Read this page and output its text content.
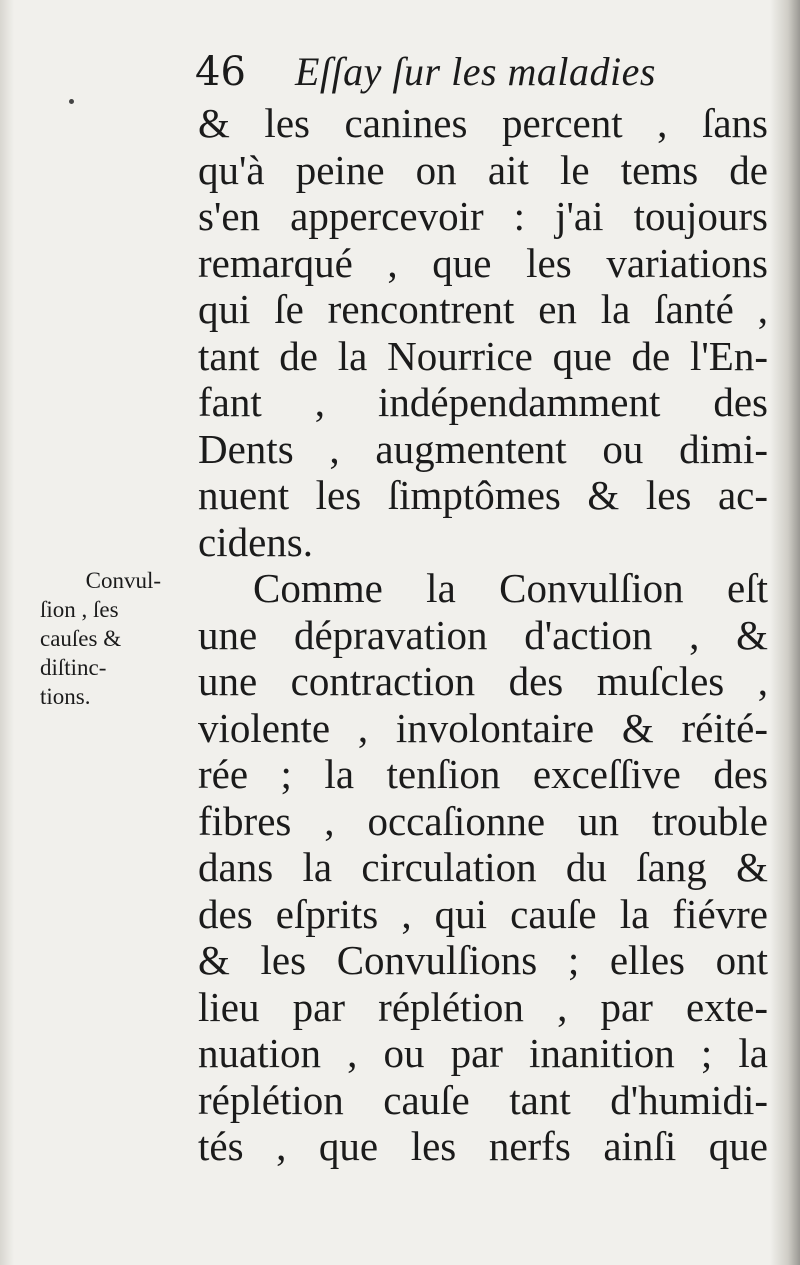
46 Eſſay ſur les maladies
Convul-
ſion , ſes
cauſes &
diſtinc-
tions.
& les canines percent , ſans
qu'à peine on ait le tems de
s'en appercevoir : j'ai toujours
remarqué , que les variations
qui ſe rencontrent en la ſanté ,
tant de la Nourrice que de l'En-
fant , indépendamment des
Dents , augmentent ou dimi-
nuent les ſimptômes & les ac-
cidens.
Comme la Convulſion eſt
une dépravation d'action , &
une contraction des muſcles ,
violente , involontaire & réité-
rée ; la tenſion exceſſive des
fibres , occaſionne un trouble
dans la circulation du ſang &
des eſprits , qui cauſe la fiévre
& les Convulſions ; elles ont
lieu par réplétion , par exte-
nuation , ou par inanition ; la
réplétion cauſe tant d'humidi-
tés , que les nerfs ainſi que
